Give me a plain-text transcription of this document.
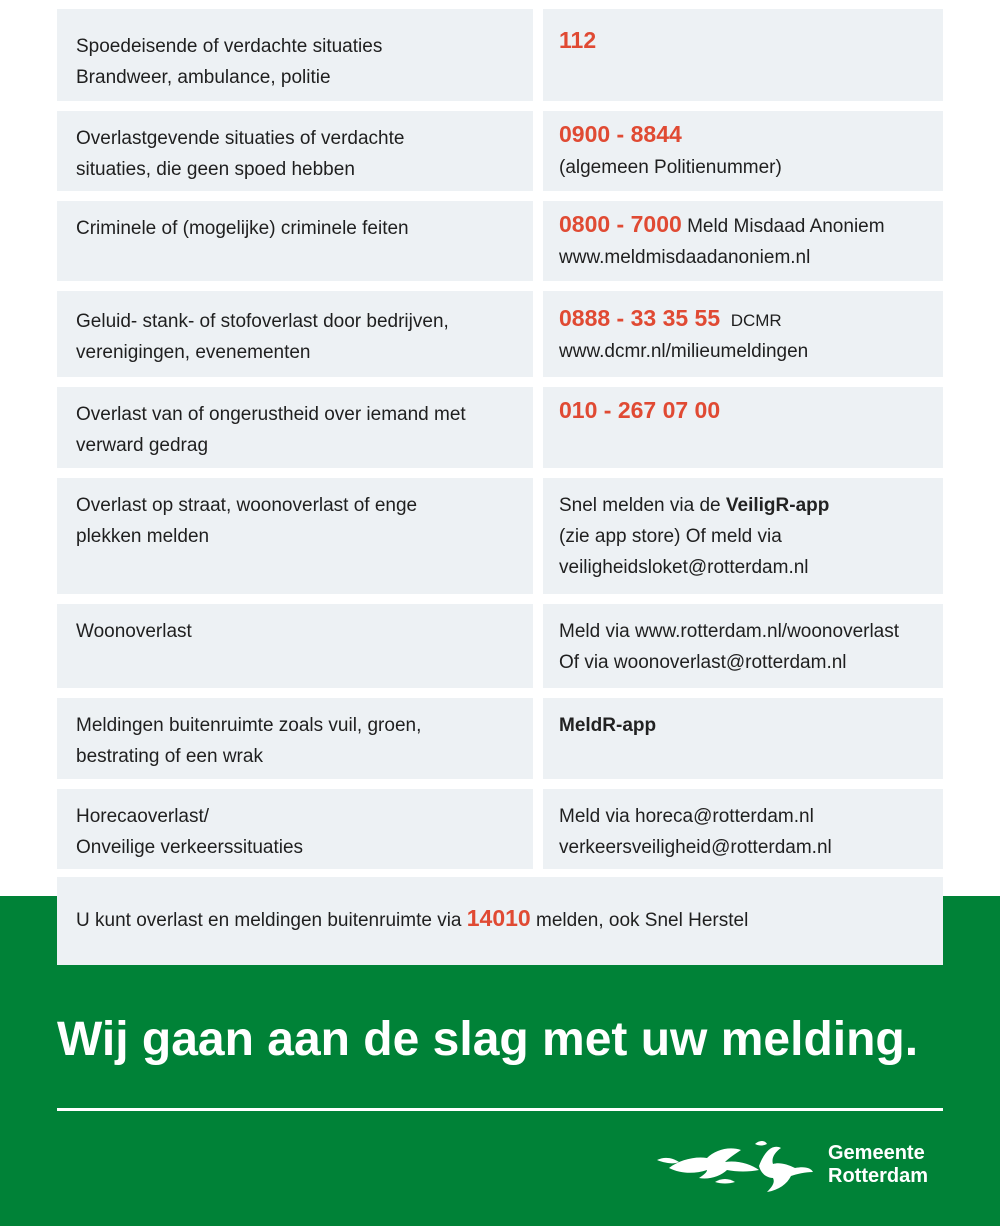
Spoedeisende of verdachte situaties
Brandweer, ambulance, politie
112
Overlastgevende situaties of verdachte
situaties, die geen spoed hebben
0900 - 8844
(algemeen Politienummer)
Criminele of (mogelijke) criminele feiten	0800 - 7000 Meld Misdaad Anoniem
www.meldmisdaadanoniem.nl
Geluid- stank- of stofoverlast door bedrijven,
verenigingen, evenementen
0888 - 33 35 55 DCMR
www.dcmr.nl/milieumeldingen
Overlast van of ongerustheid over iemand met
verward gedrag
010 - 267 07 00
Overlast op straat, woonoverlast of enge
plekken melden
Snel melden via de VeiligR-app
(zie app store) Of meld via
veiligheidsloket@rotterdam.nl
Woonoverlast	Meld via www.rotterdam.nl/woonoverlast
Of via woonoverlast@rotterdam.nl
Meldingen buitenruimte zoals vuil, groen,
bestrating of een wrak
MeldR-app
Horecaoverlast/
Onveilige verkeerssituaties
Meld via horeca@rotterdam.nl
verkeersveiligheid@rotterdam.nl
U kunt overlast en meldingen buitenruimte via 14010 melden, ook Snel Herstel
Wij gaan aan de slag met uw melding.
Gemeente
Rotterdam
